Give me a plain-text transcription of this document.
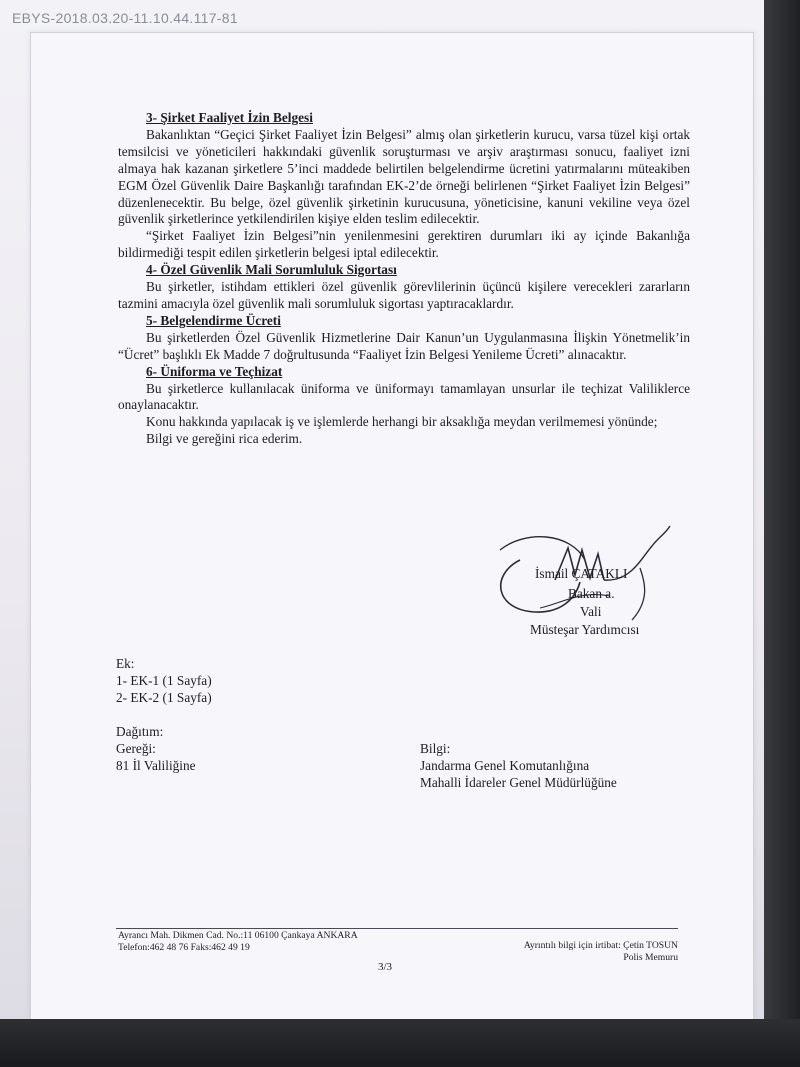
EBYS-2018.03.20-11.10.44.117-81

3- Şirket Faaliyet İzin Belgesi

Bakanlıktan “Geçici Şirket Faaliyet İzin Belgesi” almış olan şirketlerin kurucu, varsa tüzel kişi ortak temsilcisi ve yöneticileri hakkındaki güvenlik soruşturması ve arşiv araştırması sonucu, faaliyet izni almaya hak kazanan şirketlere 5’inci maddede belirtilen belgelendirme ücretini yatırmalarını müteakiben EGM Özel Güvenlik Daire Başkanlığı tarafından EK-2’de örneği belirlenen “Şirket Faaliyet İzin Belgesi” düzenlenecektir. Bu belge, özel güvenlik şirketinin kurucusuna, yöneticisine, kanuni vekiline veya özel güvenlik şirketlerince yetkilendirilen kişiye elden teslim edilecektir.

“Şirket Faaliyet İzin Belgesi”nin yenilenmesini gerektiren durumları iki ay içinde Bakanlığa bildirmediği tespit edilen şirketlerin belgesi iptal edilecektir.

4- Özel Güvenlik Mali Sorumluluk Sigortası

Bu şirketler, istihdam ettikleri özel güvenlik görevlilerinin üçüncü kişilere verecekleri zararların tazmini amacıyla özel güvenlik mali sorumluluk sigortası yaptıracaklardır.

5- Belgelendirme Ücreti

Bu şirketlerden Özel Güvenlik Hizmetlerine Dair Kanun’un Uygulanmasına İlişkin Yönetmelik’in “Ücret” başlıklı Ek Madde 7 doğrultusunda “Faaliyet İzin Belgesi Yenileme Ücreti” alınacaktır.

6- Üniforma ve Teçhizat

Bu şirketlerce kullanılacak üniforma ve üniformayı tamamlayan unsurlar ile teçhizat Valiliklerce onaylanacaktır.

Konu hakkında yapılacak iş ve işlemlerde herhangi bir aksaklığa meydan verilmemesi yönünde;

Bilgi ve gereğini rica ederim.

İsmail ÇATAKLI
Bakan a.
Vali
Müsteşar Yardımcısı
Ek:
1- EK-1 (1 Sayfa)
2- EK-2 (1 Sayfa)
Dağıtım:
Gereği:
81 İl Valiliğine
Bilgi:
Jandarma Genel Komutanlığına
Mahalli İdareler Genel Müdürlüğüne
Ayrancı Mah. Dikmen Cad. No.:11 06100 Çankaya ANKARA
Telefon:462 48 76 Faks:462 49 19	Ayrıntılı bilgi için irtibat: Çetin TOSUN
Polis Memuru
3/3
